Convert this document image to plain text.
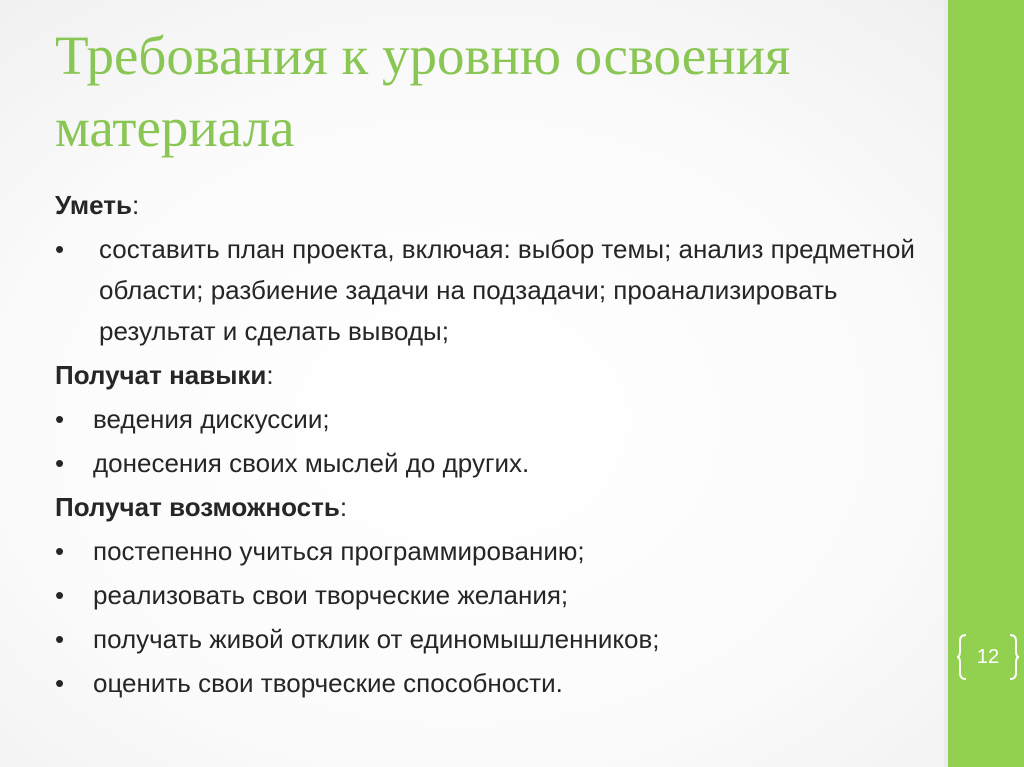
Требования к уровню освоения материала

Уметь:

• составить план проекта, включая: выбор темы; анализ предметной области; разбиение задачи на подзадачи; проанализировать результат и сделать выводы;

Получат навыки:

• ведения дискуссии;
• донесения своих мыслей до других.

Получат возможность:

• постепенно учиться программированию;
• реализовать свои творческие желания;
• получать живой отклик от единомышленников;
• оценить свои творческие способности.
12
